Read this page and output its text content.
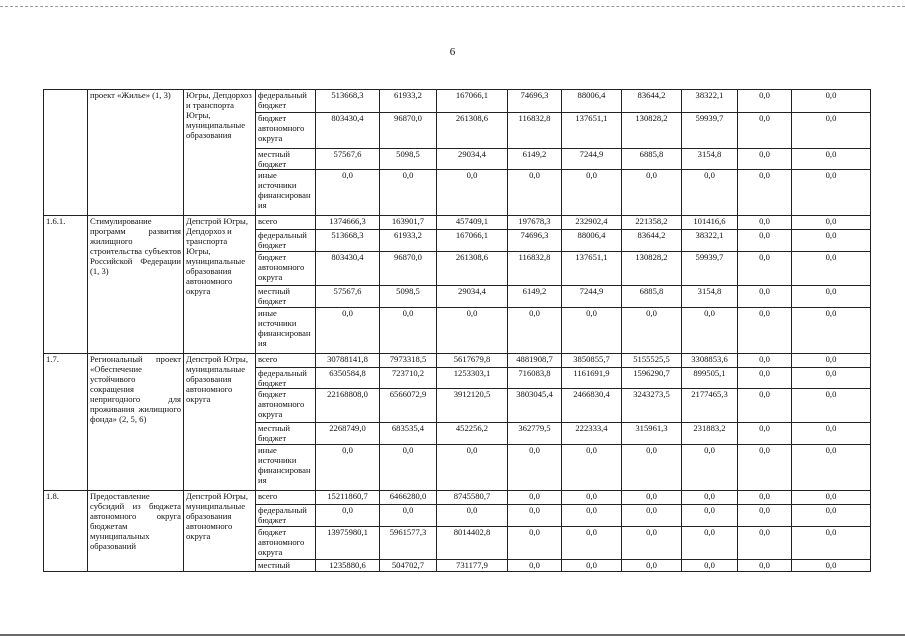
6
	проект «Жилье» (1, 3)	Югры, Депдорхоз и транспорта Югры, муниципальные образования	федеральный бюджет	513668,3	61933,2	167066,1	74696,3	88006,4	83644,2	38322,1	0,0	0,0
			бюджет автономного округа	803430,4	96870,0	261308,6	116832,8	137651,1	130828,2	59939,7	0,0	0,0
			местный бюджет	57567,6	5098,5	29034,4	6149,2	7244,9	6885,8	3154,8	0,0	0,0
			иные источники финансирования	0,0	0,0	0,0	0,0	0,0	0,0	0,0	0,0	0,0
1.6.1.	Стимулирование программ развития жилищного строительства субъектов Российской Федерации (1, 3)	Депстрой Югры, Депдорхоз и транспорта Югры, муниципальные образования автономного округа	всего	1374666,3	163901,7	457409,1	197678,3	232902,4	221358,2	101416,6	0,0	0,0
			федеральный бюджет	513668,3	61933,2	167066,1	74696,3	88006,4	83644,2	38322,1	0,0	0,0
			бюджет автономного округа	803430,4	96870,0	261308,6	116832,8	137651,1	130828,2	59939,7	0,0	0,0
			местный бюджет	57567,6	5098,5	29034,4	6149,2	7244,9	6885,8	3154,8	0,0	0,0
			иные источники финансирования	0,0	0,0	0,0	0,0	0,0	0,0	0,0	0,0	0,0
1.7.	Региональный проект «Обеспечение устойчивого сокращения непригодного для проживания жилищного фонда» (2, 5, 6)	Депстрой Югры, муниципальные образования автономного округа	всего	30788141,8	7973318,5	5617679,8	4881908,7	3850855,7	5155525,5	3308853,6	0,0	0,0
			федеральный бюджет	6350584,8	723710,2	1253303,1	716083,8	1161691,9	1596290,7	899505,1	0,0	0,0
			бюджет автономного округа	22168808,0	6566072,9	3912120,5	3803045,4	2466830,4	3243273,5	2177465,3	0,0	0,0
			местный бюджет	2268749,0	683535,4	452256,2	362779,5	222333,4	315961,3	231883,2	0,0	0,0
			иные источники финансирования	0,0	0,0	0,0	0,0	0,0	0,0	0,0	0,0	0,0
1.8.	Предоставление субсидий из бюджета автономного округа бюджетам муниципальных образований	Депстрой Югры, муниципальные образования автономного округа	всего	15211860,7	6466280,0	8745580,7	0,0	0,0	0,0	0,0	0,0	0,0
			федеральный бюджет	0,0	0,0	0,0	0,0	0,0	0,0	0,0	0,0	0,0
			бюджет автономного округа	13975980,1	5961577,3	8014402,8	0,0	0,0	0,0	0,0	0,0	0,0
			местный	1235880,6	504702,7	731177,9	0,0	0,0	0,0	0,0	0,0	0,0
